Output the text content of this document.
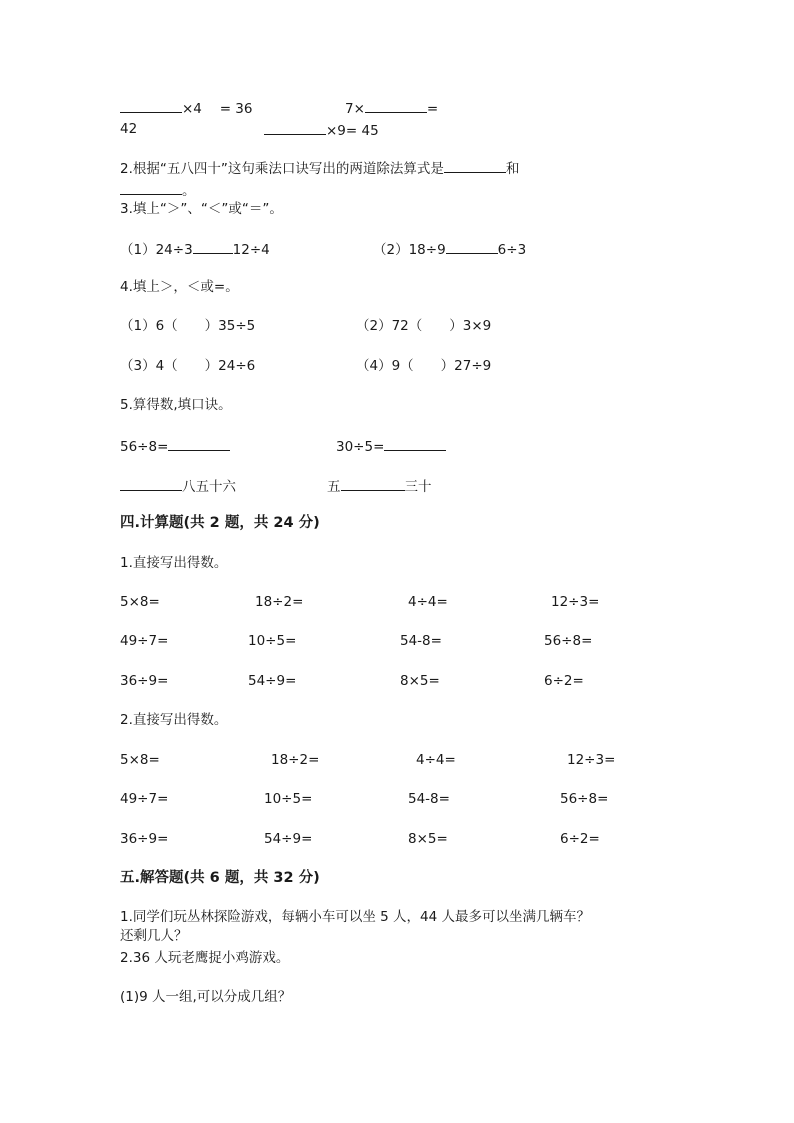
×4　 = 36	7×	=
42	×9= 45
2.根据“五八四十”这句乘法口诀写出的两道除法算式是	和
。
3.填上“＞”、“＜”或“＝”。
（1）24÷3	12÷4	（2）18÷9	6÷3
4.填上＞，＜或=。
（1）6（　　）35÷5	（2）72（　　）3×9
（3）4（　　）24÷6	（4）9（　　）27÷9
5.算得数,填口诀。
56÷8=	30÷5=
八五十六	五	三十
四.计算题(共 2 题，共 24 分)
1.直接写出得数。
5×8=	18÷2=	4÷4=	12÷3=
49÷7=	10÷5=	54-8=	56÷8=
36÷9=	54÷9=	8×5=	6÷2=
2.直接写出得数。
5×8=	18÷2=	4÷4=	12÷3=
49÷7=	10÷5=	54-8=	56÷8=
36÷9=	54÷9=	8×5=	6÷2=
五.解答题(共 6 题，共 32 分)
1.同学们玩丛林探险游戏，每辆小车可以坐 5 人，44 人最多可以坐满几辆车？
还剩几人？
2.36 人玩老鹰捉小鸡游戏。
(1)9 人一组,可以分成几组？
